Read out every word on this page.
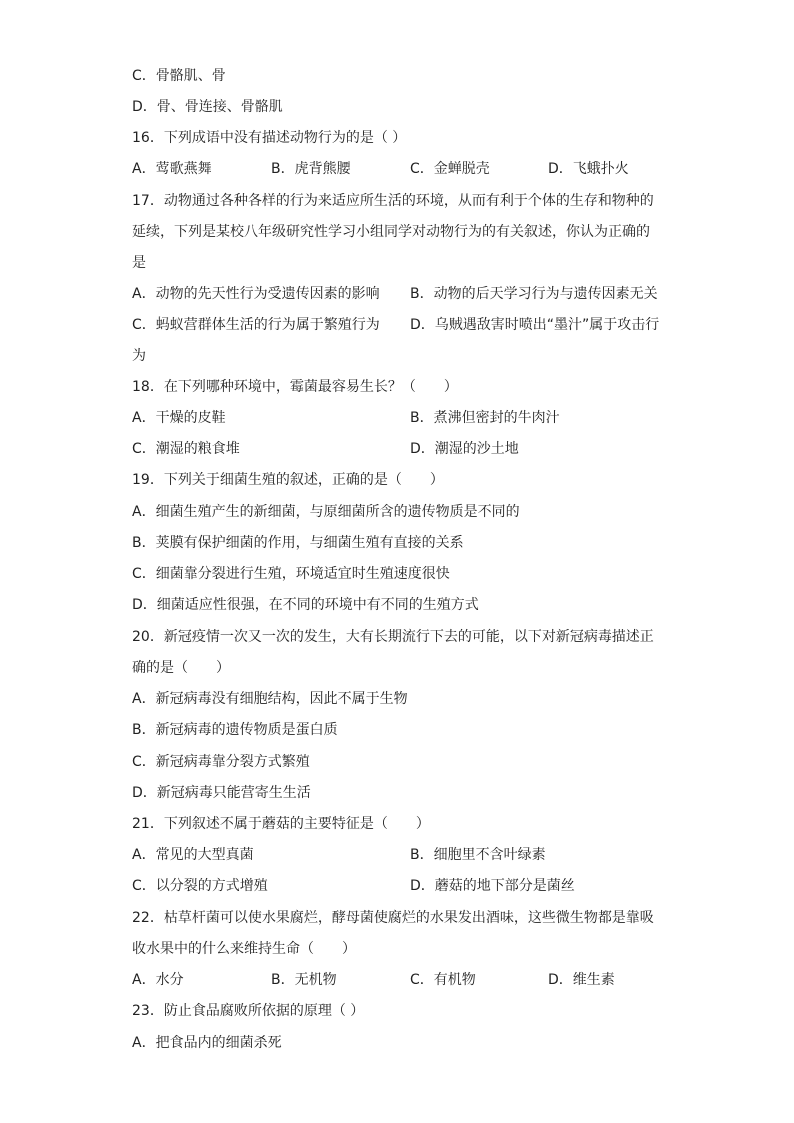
C．骨骼肌、骨
D．骨、骨连接、骨骼肌
16．下列成语中没有描述动物行为的是（ ）
A．莺歌燕舞	B．虎背熊腰	C．金蝉脱壳	D．飞蛾扑火
17．动物通过各种各样的行为来适应所生活的环境，从而有利于个体的生存和物种的
延续，下列是某校八年级研究性学习小组同学对动物行为的有关叙述，你认为正确的
是
A．动物的先天性行为受遗传因素的影响 B．动物的后天学习行为与遗传因素无关
C．蚂蚁营群体生活的行为属于繁殖行为 D．乌贼遇敌害时喷出“墨汁”属于攻击行
为
18．在下列哪种环境中，霉菌最容易生长？（　　）
A．干燥的皮鞋	B．煮沸但密封的牛肉汁
C．潮湿的粮食堆	D．潮湿的沙土地
19．下列关于细菌生殖的叙述，正确的是（　　）
A．细菌生殖产生的新细菌，与原细菌所含的遗传物质是不同的
B．荚膜有保护细菌的作用，与细菌生殖有直接的关系
C．细菌靠分裂进行生殖，环境适宜时生殖速度很快
D．细菌适应性很强，在不同的环境中有不同的生殖方式
20．新冠疫情一次又一次的发生，大有长期流行下去的可能，以下对新冠病毒描述正
确的是（　　）
A．新冠病毒没有细胞结构，因此不属于生物
B．新冠病毒的遗传物质是蛋白质
C．新冠病毒靠分裂方式繁殖
D．新冠病毒只能营寄生生活
21．下列叙述不属于蘑菇的主要特征是（　　）
A．常见的大型真菌	B．细胞里不含叶绿素
C．以分裂的方式增殖	D．蘑菇的地下部分是菌丝
22．枯草杆菌可以使水果腐烂，酵母菌使腐烂的水果发出酒味，这些微生物都是靠吸
收水果中的什么来维持生命（　　）
A．水分	B．无机物	C．有机物	D．维生素
23．防止食品腐败所依据的原理（ ）
A．把食品内的细菌杀死
